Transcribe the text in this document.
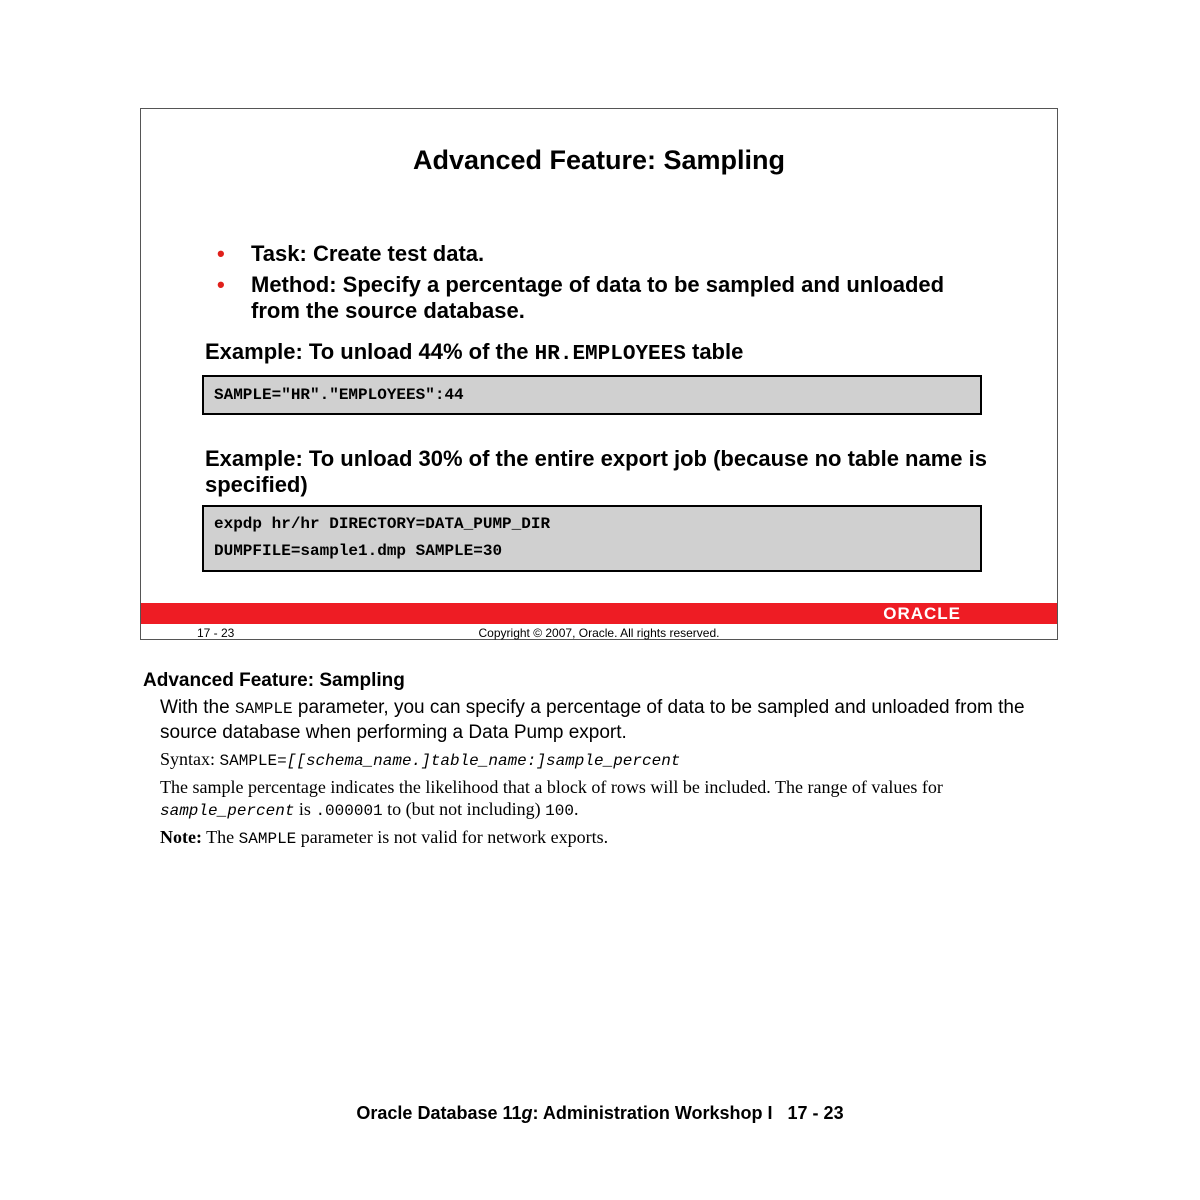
Advanced Feature: Sampling
• Task: Create test data.
• Method: Specify a percentage of data to be sampled and unloaded from the source database.
Example: To unload 44% of the HR.EMPLOYEES table
SAMPLE="HR"."EMPLOYEES":44
Example: To unload 30% of the entire export job (because no table name is specified)
expdp hr/hr DIRECTORY=DATA_PUMP_DIR
DUMPFILE=sample1.dmp SAMPLE=30
ORACLE
17 - 23	Copyright © 2007, Oracle. All rights reserved.
Advanced Feature: Sampling

With the SAMPLE parameter, you can specify a percentage of data to be sampled and unloaded from the source database when performing a Data Pump export.

Syntax: SAMPLE=[[schema_name.]table_name:]sample_percent

The sample percentage indicates the likelihood that a block of rows will be included. The range of values for sample_percent is .000001 to (but not including) 100.

Note: The SAMPLE parameter is not valid for network exports.

Oracle Database 11g: Administration Workshop I   17 - 23
